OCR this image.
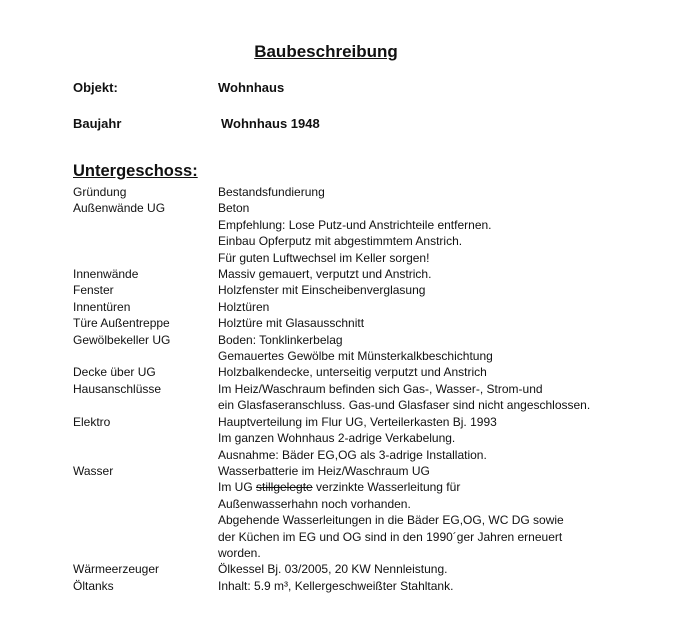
Baubeschreibung
Objekt:	Wohnhaus
Baujahr	Wohnhaus 1948
Untergeschoss:
Gründung	Bestandsfundierung
Außenwände UG	Beton
Empfehlung: Lose Putz-und Anstrichteile entfernen.
Einbau Opferputz mit abgestimmtem Anstrich.
Für guten Luftwechsel im Keller sorgen!
Innenwände	Massiv gemauert, verputzt und Anstrich.
Fenster	Holzfenster mit Einscheibenverglasung
Innentüren	Holztüren
Türe Außentreppe	Holztüre mit Glasausschnitt
Gewölbekeller UG	Boden: Tonklinkerbelag
Gemauertes Gewölbe mit Münsterkalkbeschichtung
Decke über UG	Holzbalkendecke, unterseitig verputzt und Anstrich
Hausanschlüsse	Im Heiz/Waschraum befinden sich Gas-, Wasser-, Strom-und
ein Glasfaseranschluss. Gas-und Glasfaser sind nicht angeschlossen.
Elektro	Hauptverteilung im Flur UG, Verteilerkasten Bj. 1993
Im ganzen Wohnhaus 2-adrige Verkabelung.
Ausnahme: Bäder EG,OG als 3-adrige Installation.
Wasser	Wasserbatterie im Heiz/Waschraum UG
Im UG stillgelegte verzinkte Wasserleitung für
Außenwasserhahn noch vorhanden.
Abgehende Wasserleitungen in die Bäder EG,OG, WC DG sowie
der Küchen im EG und OG sind in den 1990´ger Jahren erneuert
worden.
Wärmeerzeuger	Ölkessel Bj. 03/2005, 20 KW Nennleistung.
Öltanks	Inhalt: 5.9 m³, Kellergeschweißter Stahltank.
